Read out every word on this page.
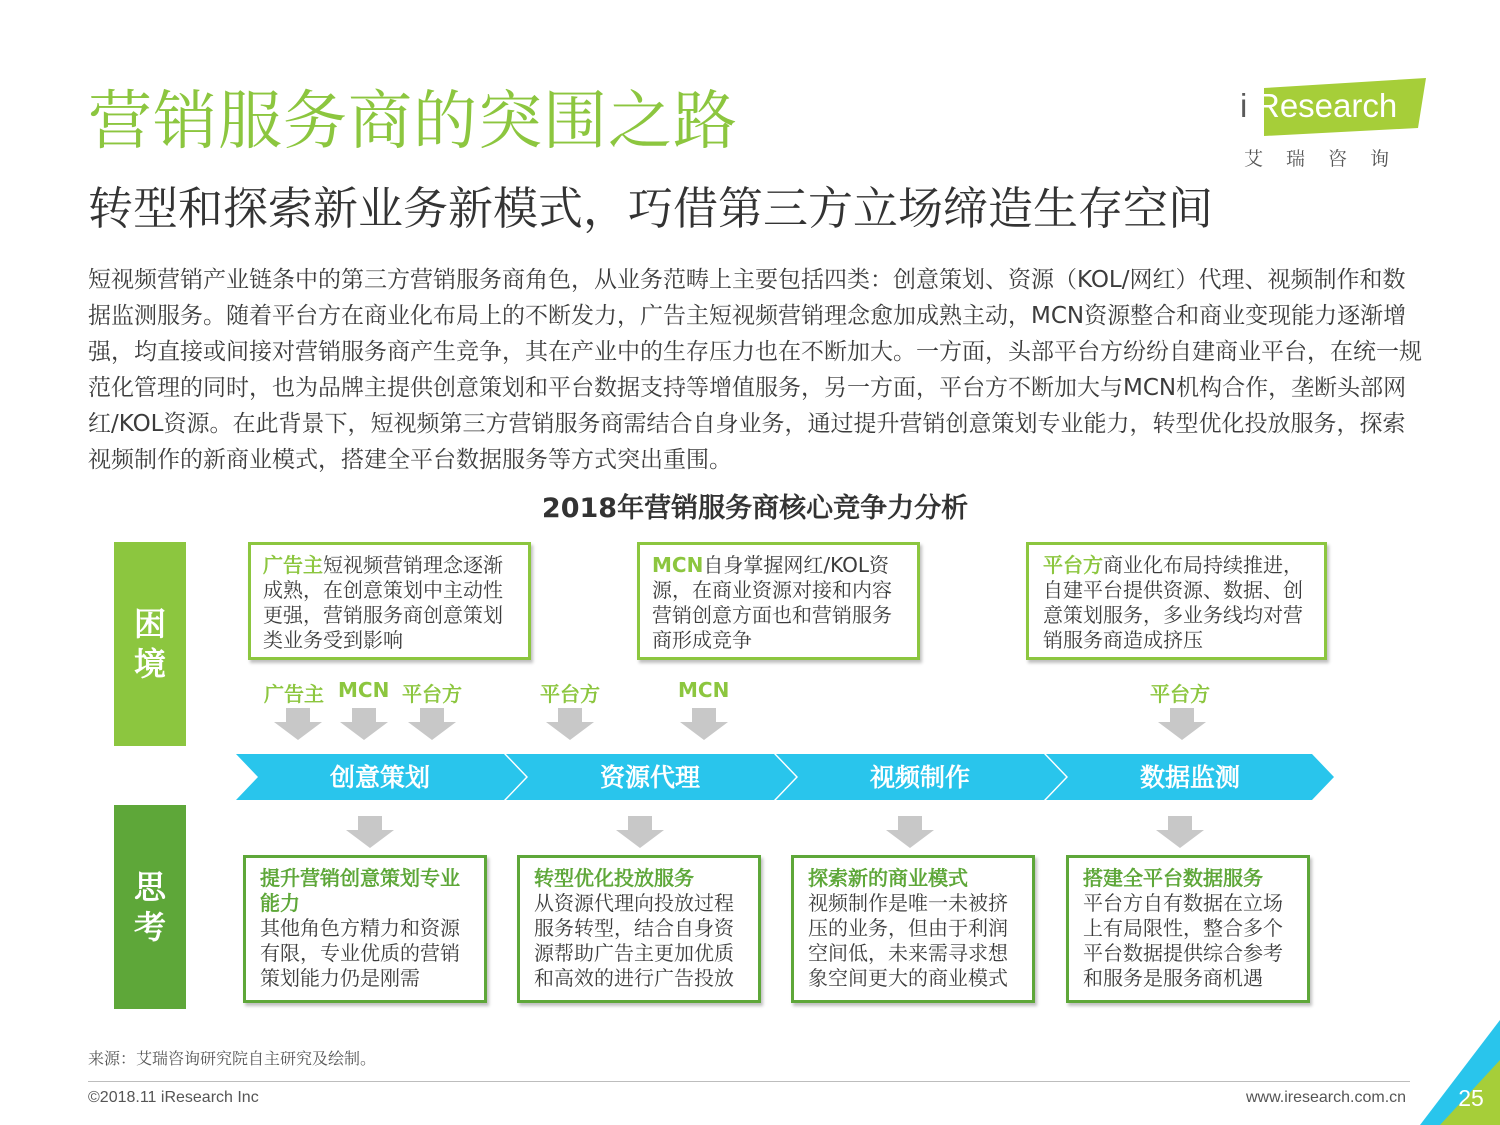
营销服务商的突围之路
转型和探索新业务新模式，巧借第三方立场缔造生存空间
i Research
艾瑞咨询
短视频营销产业链条中的第三方营销服务商角色，从业务范畴上主要包括四类：创意策划、资源（KOL/网红）代理、视频制作和数据监测服务。随着平台方在商业化布局上的不断发力，广告主短视频营销理念愈加成熟主动，MCN资源整合和商业变现能力逐渐增强，均直接或间接对营销服务商产生竞争，其在产业中的生存压力也在不断加大。一方面，头部平台方纷纷自建商业平台，在统一规范化管理的同时，也为品牌主提供创意策划和平台数据支持等增值服务，另一方面，平台方不断加大与MCN机构合作，垄断头部网红/KOL资源。在此背景下，短视频第三方营销服务商需结合自身业务，通过提升营销创意策划专业能力，转型优化投放服务，探索视频制作的新商业模式，搭建全平台数据服务等方式突出重围。
2018年营销服务商核心竞争力分析
困境
思考
广告主短视频营销理念逐渐成熟，在创意策划中主动性更强，营销服务商创意策划类业务受到影响
MCN自身掌握网红/KOL资源，在商业资源对接和内容营销创意方面也和营销服务商形成竞争
平台方商业化布局持续推进，自建平台提供资源、数据、创意策划服务，多业务线均对营销服务商造成挤压
广告主 MCN 平台方	平台方	MCN	平台方
创意策划	资源代理	视频制作	数据监测
提升营销创意策划专业能力
其他角色方精力和资源有限，专业优质的营销策划能力仍是刚需
转型优化投放服务
从资源代理向投放过程服务转型，结合自身资源帮助广告主更加优质和高效的进行广告投放
探索新的商业模式
视频制作是唯一未被挤压的业务，但由于利润空间低，未来需寻求想象空间更大的商业模式
搭建全平台数据服务
平台方自有数据在立场上有局限性，整合多个平台数据提供综合参考和服务是服务商机遇
来源：艾瑞咨询研究院自主研究及绘制。
©2018.11 iResearch Inc	www.iresearch.com.cn	25
